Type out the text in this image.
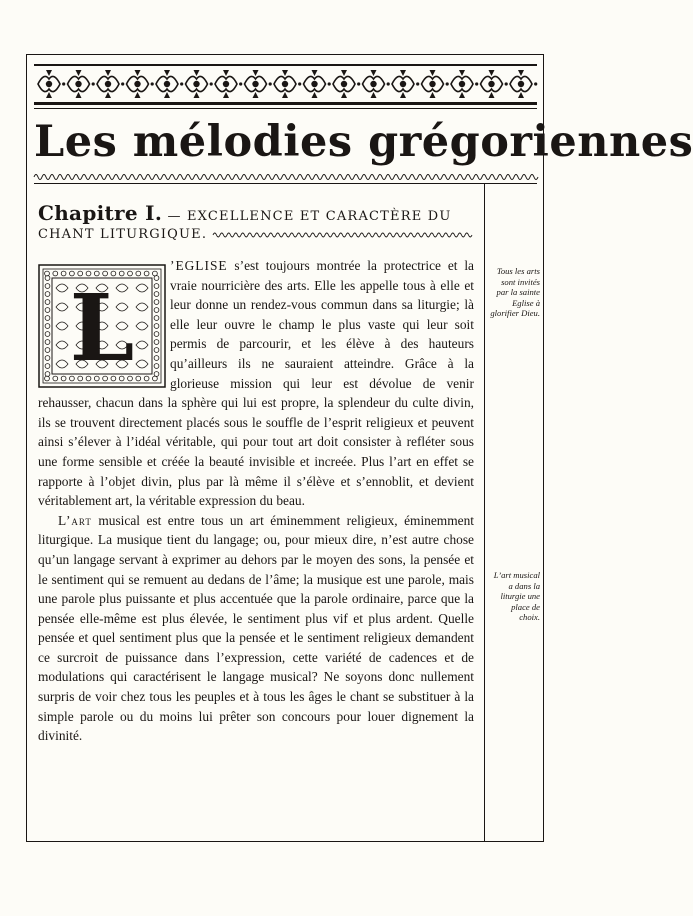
Les mélodies grégoriennes
Chapitre I. — EXCELLENCE ET CARACTÈRE DU CHANT LITURGIQUE.
L

’EGLISE s’est toujours montrée la protectrice et la vraie nourricière des arts. Elle les appelle tous à elle et leur donne un rendez-vous commun dans sa liturgie; là elle leur ouvre le champ le plus vaste qui leur soit permis de parcourir, et les élève à des hauteurs qu’ailleurs ils ne sauraient atteindre. Grâce à la glorieuse mission qui leur est dévolue de venir rehausser, chacun dans la sphère qui lui est propre, la splendeur du culte divin, ils se trouvent directement placés sous le souffle de l’esprit religieux et peuvent ainsi s’élever à l’idéal véritable, qui pour tout art doit consister à refléter sous une forme sensible et créée la beauté invisible et increée. Plus l’art en effet se rapporte à l’objet divin, plus par là même il s’élève et s’ennoblit, et devient véritablement art, la véritable expression du beau.

L’art musical est entre tous un art éminemment religieux, éminemment liturgique. La musique tient du langage; ou, pour mieux dire, n’est autre chose qu’un langage servant à exprimer au dehors par le moyen des sons, la pensée et le sentiment qui se remuent au dedans de l’âme; la musique est une parole, mais une parole plus puissante et plus accentuée que la parole ordinaire, parce que la pensée elle-même est plus élevée, le sentiment plus vif et plus ardent. Quelle pensée et quel sentiment plus que la pensée et le sentiment religieux demandent ce surcroit de puissance dans l’expression, cette variété de cadences et de modulations qui caractérisent le langage musical? Ne soyons donc nullement surpris de voir chez tous les peuples et à tous les âges le chant se substituer à la simple parole ou du moins lui prêter son concours pour louer dignement la divinité.

Tous les arts sont invités par la sainte Eglise à glorifier Dieu.
L’art musical a dans la liturgie une place de choix.
